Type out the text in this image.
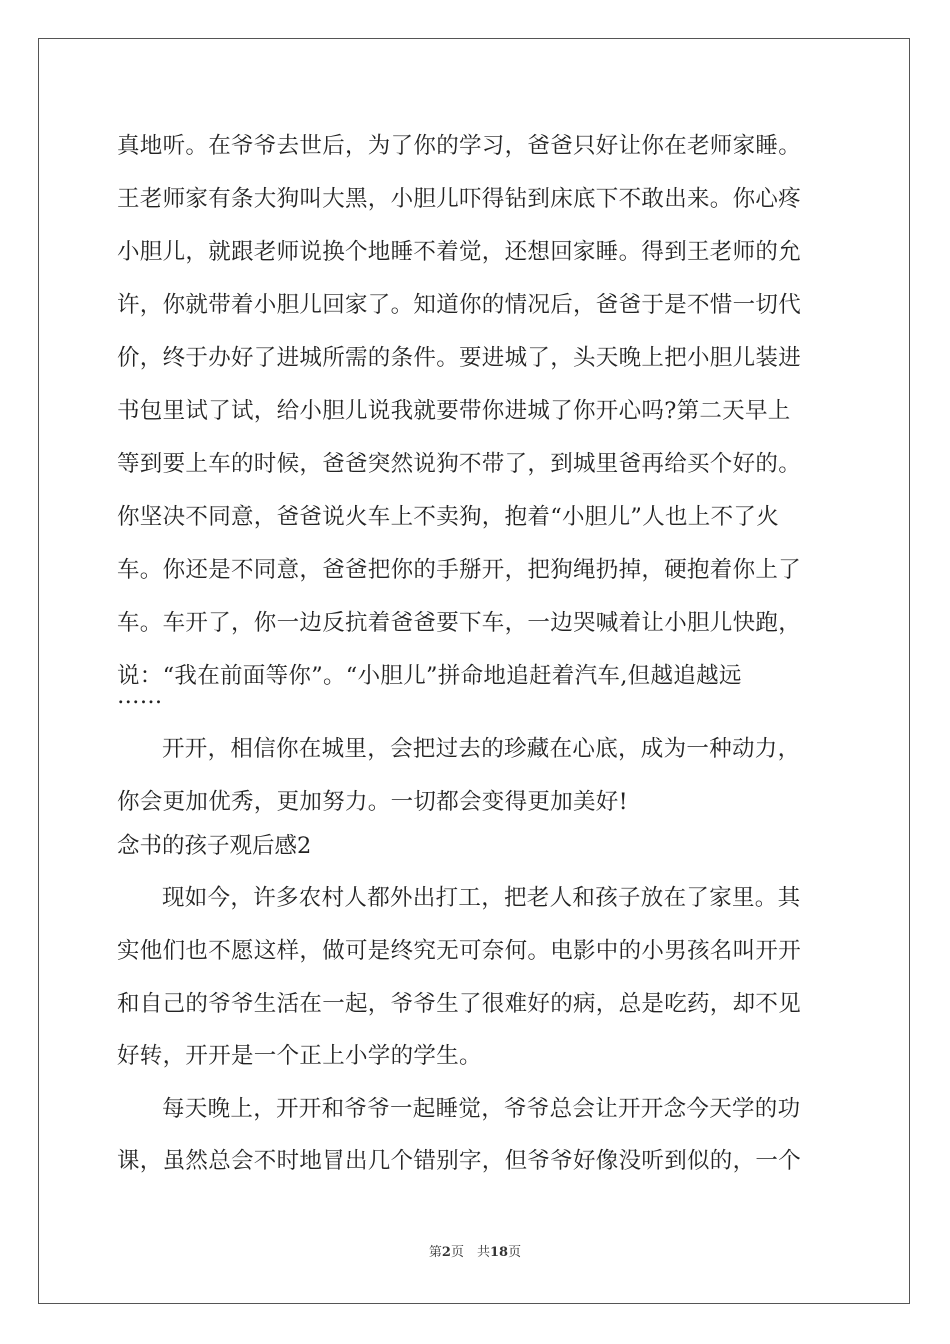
真地听。在爷爷去世后，为了你的学习，爸爸只好让你在老师家睡。
王老师家有条大狗叫大黑，小胆儿吓得钻到床底下不敢出来。你心疼
小胆儿，就跟老师说换个地睡不着觉，还想回家睡。得到王老师的允
许，你就带着小胆儿回家了。知道你的情况后，爸爸于是不惜一切代
价，终于办好了进城所需的条件。要进城了，头天晚上把小胆儿装进
书包里试了试，给小胆儿说我就要带你进城了你开心吗?第二天早上
等到要上车的时候，爸爸突然说狗不带了，到城里爸再给买个好的。
你坚决不同意，爸爸说火车上不卖狗，抱着“小胆儿”人也上不了火
车。你还是不同意，爸爸把你的手掰开，把狗绳扔掉，硬抱着你上了
车。车开了，你一边反抗着爸爸要下车，一边哭喊着让小胆儿快跑，
说：“我在前面等你”。“小胆儿”拼命地追赶着汽车,但越追越远
……
开开，相信你在城里，会把过去的珍藏在心底，成为一种动力，
你会更加优秀，更加努力。一切都会变得更加美好!
念书的孩子观后感2
现如今，许多农村人都外出打工，把老人和孩子放在了家里。其
实他们也不愿这样，做可是终究无可奈何。电影中的小男孩名叫开开
和自己的爷爷生活在一起，爷爷生了很难好的病，总是吃药，却不见
好转，开开是一个正上小学的学生。
每天晚上，开开和爷爷一起睡觉，爷爷总会让开开念今天学的功
课，虽然总会不时地冒出几个错别字，但爷爷好像没听到似的，一个
第2页　共18页
